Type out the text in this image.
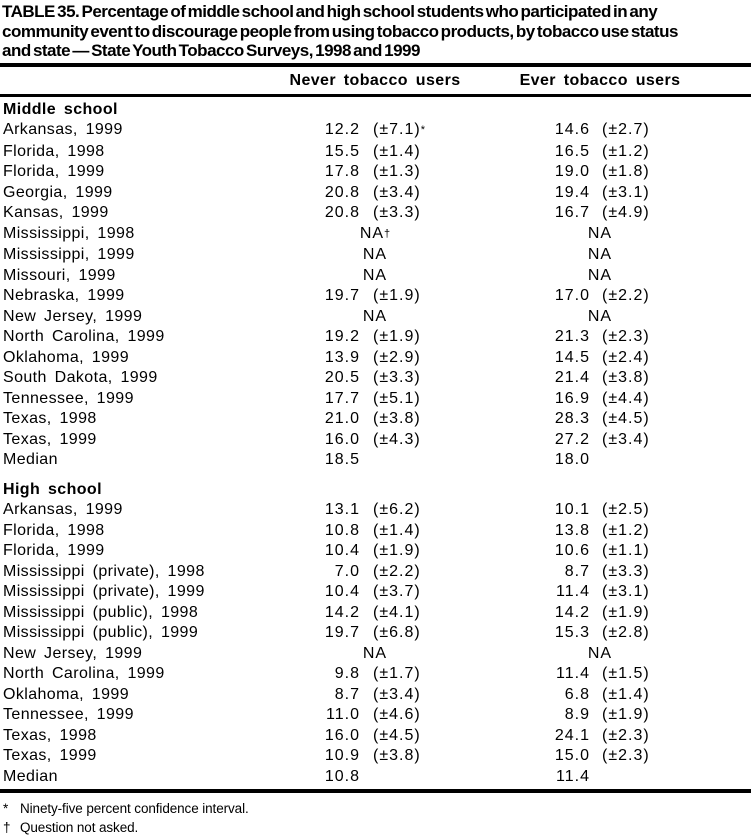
TABLE 35. Percentage of middle school and high school students who participated in any
community event to discourage people from using tobacco products, by tobacco use status
and state — State Youth Tobacco Surveys, 1998 and 1999
Never tobacco users	Ever tobacco users
Middle school		
Arkansas, 1999	12.2 (±7.1)*	14.6 (±2.7)

Florida, 1998	15.5 (±1.4)	16.5 (±1.2)

Florida, 1999	17.8 (±1.3)	19.0 (±1.8)

Georgia, 1999	20.8 (±3.4)	19.4 (±3.1)

Kansas, 1999	20.8 (±3.3)	16.7 (±4.9)

Mississippi, 1998	NA†	NA

Mississippi, 1999	NA	NA

Missouri, 1999	NA	NA

Nebraska, 1999	19.7 (±1.9)	17.0 (±2.2)

New Jersey, 1999	NA	NA

North Carolina, 1999	19.2 (±1.9)	21.3 (±2.3)

Oklahoma, 1999	13.9 (±2.9)	14.5 (±2.4)

South Dakota, 1999	20.5 (±3.3)	21.4 (±3.8)

Tennessee, 1999	17.7 (±5.1)	16.9 (±4.4)

Texas, 1998	21.0 (±3.8)	28.3 (±4.5)

Texas, 1999	16.0 (±4.3)	27.2 (±3.4)

Median	18.5	18.0

High school		
Arkansas, 1999	13.1 (±6.2)	10.1 (±2.5)

Florida, 1998	10.8 (±1.4)	13.8 (±1.2)

Florida, 1999	10.4 (±1.9)	10.6 (±1.1)

Mississippi (private), 1998	7.0 (±2.2)	8.7 (±3.3)

Mississippi (private), 1999	10.4 (±3.7)	11.4 (±3.1)

Mississippi (public), 1998	14.2 (±4.1)	14.2 (±1.9)

Mississippi (public), 1999	19.7 (±6.8)	15.3 (±2.8)

New Jersey, 1999	NA	NA

North Carolina, 1999	9.8 (±1.7)	11.4 (±1.5)

Oklahoma, 1999	8.7 (±3.4)	6.8 (±1.4)

Tennessee, 1999	11.0 (±4.6)	8.9 (±1.9)

Texas, 1998	16.0 (±4.5)	24.1 (±2.3)

Texas, 1999	10.9 (±3.8)	15.0 (±2.3)

Median	10.8	11.4
* Ninety-five percent confidence interval.
† Question not asked.
